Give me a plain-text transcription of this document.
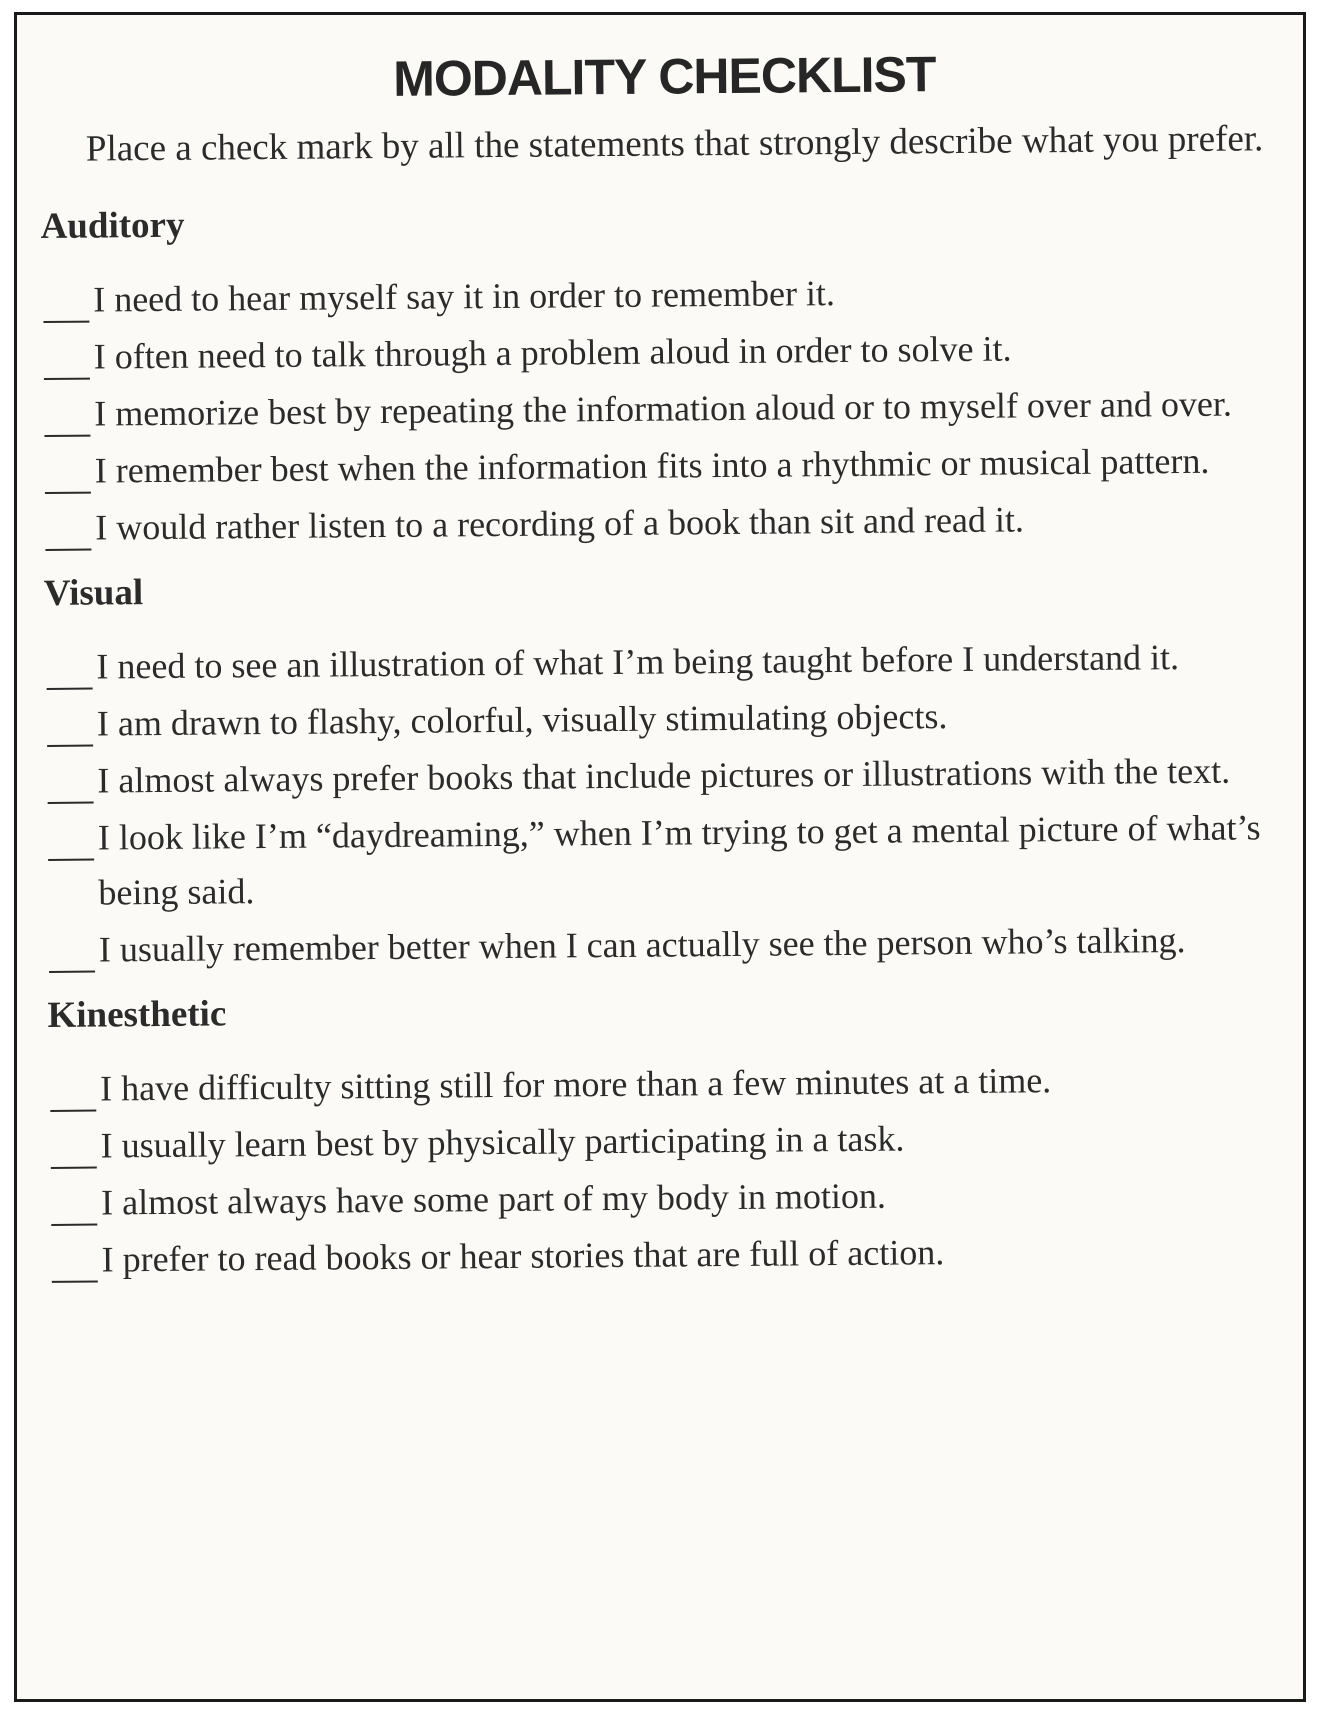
MODALITY CHECKLIST

Place a check mark by all the statements that strongly describe what you prefer.

Auditory
I need to hear myself say it in order to remember it.
I often need to talk through a problem aloud in order to solve it.
I memorize best by repeating the information aloud or to myself over and over.
I remember best when the information fits into a rhythmic or musical pattern.
I would rather listen to a recording of a book than sit and read it.
Visual
I need to see an illustration of what I’m being taught before I understand it.
I am drawn to flashy, colorful, visually stimulating objects.
I almost always prefer books that include pictures or illustrations with the text.
I look like I’m “daydreaming,” when I’m trying to get a mental picture of what’s being said.
I usually remember better when I can actually see the person who’s talking.
Kinesthetic
I have difficulty sitting still for more than a few minutes at a time.
I usually learn best by physically participating in a task.
I almost always have some part of my body in motion.
I prefer to read books or hear stories that are full of action.
